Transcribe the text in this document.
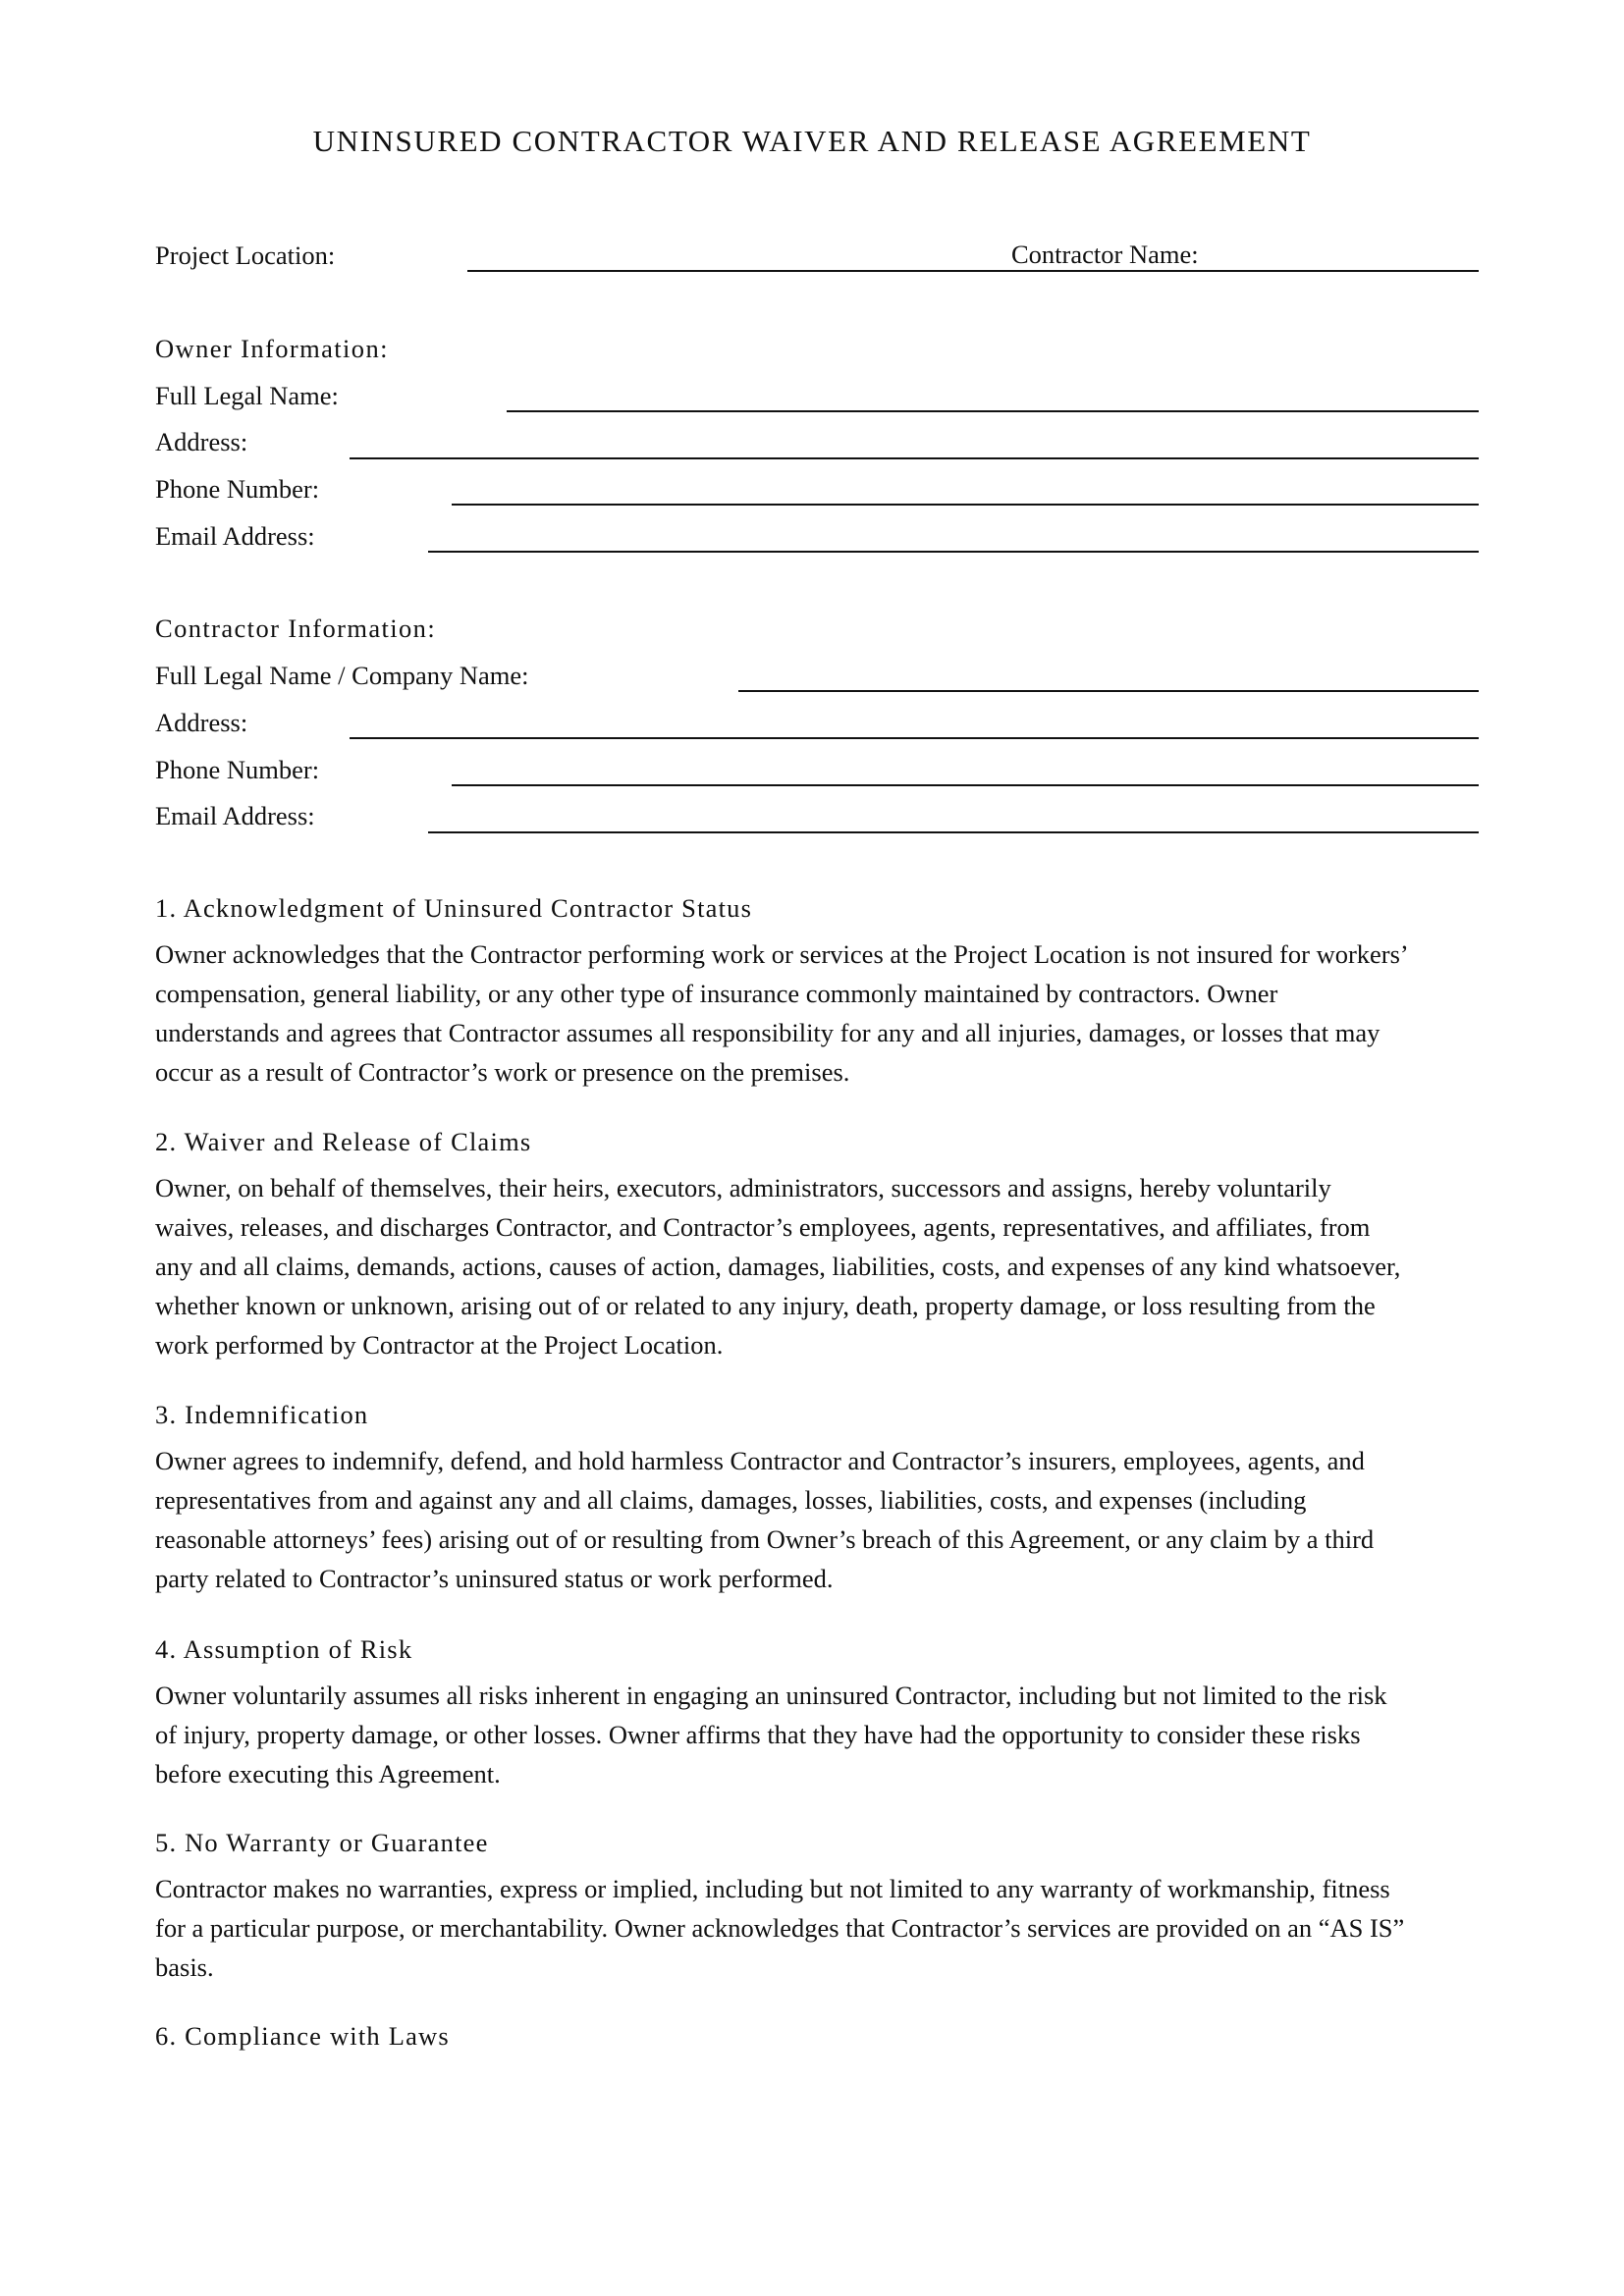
UNINSURED CONTRACTOR WAIVER AND RELEASE AGREEMENT
Project Location:	Contractor Name:
Owner Information:
Full Legal Name:
Address:
Phone Number:
Email Address:
Contractor Information:
Full Legal Name / Company Name:
Address:
Phone Number:
Email Address:
1. Acknowledgment of Uninsured Contractor Status
Owner acknowledges that the Contractor performing work or services at the Project Location is not insured for workers’
compensation, general liability, or any other type of insurance commonly maintained by contractors. Owner
understands and agrees that Contractor assumes all responsibility for any and all injuries, damages, or losses that may
occur as a result of Contractor’s work or presence on the premises.
2. Waiver and Release of Claims
Owner, on behalf of themselves, their heirs, executors, administrators, successors and assigns, hereby voluntarily
waives, releases, and discharges Contractor, and Contractor’s employees, agents, representatives, and affiliates, from
any and all claims, demands, actions, causes of action, damages, liabilities, costs, and expenses of any kind whatsoever,
whether known or unknown, arising out of or related to any injury, death, property damage, or loss resulting from the
work performed by Contractor at the Project Location.
3. Indemnification
Owner agrees to indemnify, defend, and hold harmless Contractor and Contractor’s insurers, employees, agents, and
representatives from and against any and all claims, damages, losses, liabilities, costs, and expenses (including
reasonable attorneys’ fees) arising out of or resulting from Owner’s breach of this Agreement, or any claim by a third
party related to Contractor’s uninsured status or work performed.
4. Assumption of Risk
Owner voluntarily assumes all risks inherent in engaging an uninsured Contractor, including but not limited to the risk
of injury, property damage, or other losses. Owner affirms that they have had the opportunity to consider these risks
before executing this Agreement.
5. No Warranty or Guarantee
Contractor makes no warranties, express or implied, including but not limited to any warranty of workmanship, fitness
for a particular purpose, or merchantability. Owner acknowledges that Contractor’s services are provided on an “AS IS”
basis.
6. Compliance with Laws
